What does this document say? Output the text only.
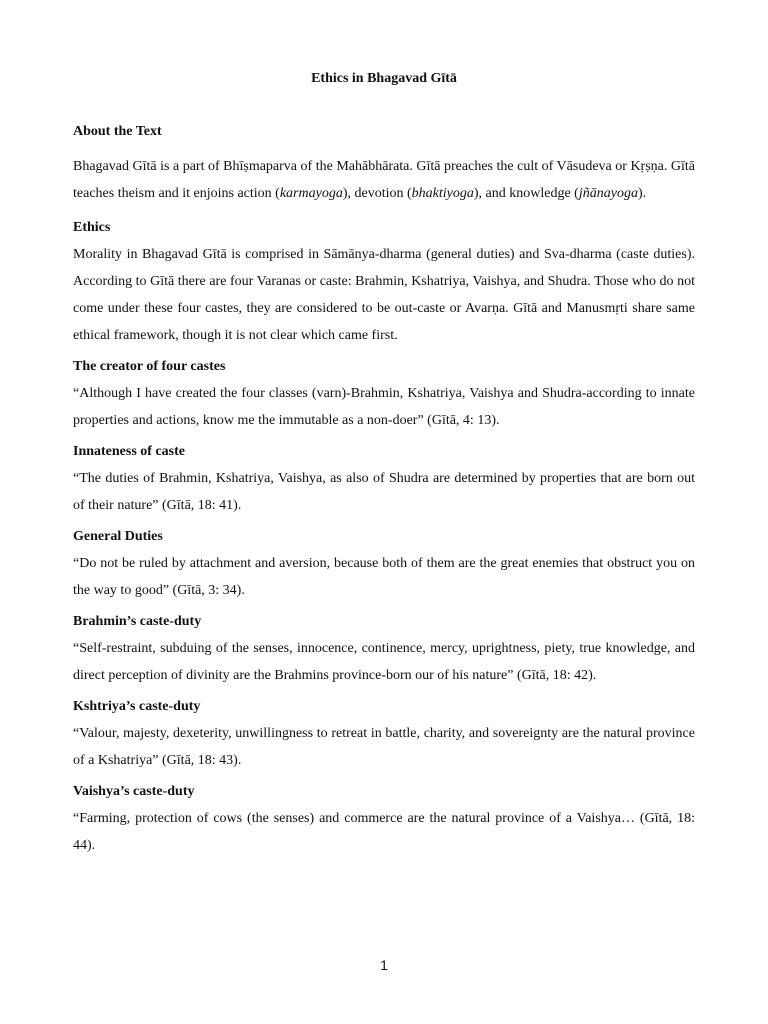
Ethics in Bhagavad Gītā

About the Text

Bhagavad Gītā is a part of Bhīṣmaparva of the Mahābhārata. Gītā preaches the cult of Vāsudeva or Kṛṣṇa. Gītā teaches theism and it enjoins action (karmayoga), devotion (bhaktiyoga), and knowledge (jñānayoga).

Ethics

Morality in Bhagavad Gītā is comprised in Sāmānya-dharma (general duties) and Sva-dharma (caste duties). According to Gītā there are four Varanas or caste: Brahmin, Kshatriya, Vaishya, and Shudra. Those who do not come under these four castes, they are considered to be out-caste or Avarṇa. Gītā and Manusmṛti share same ethical framework, though it is not clear which came first.

The creator of four castes

“Although I have created the four classes (varn)-Brahmin, Kshatriya, Vaishya and Shudra-according to innate properties and actions, know me the immutable as a non-doer” (Gītā, 4: 13).

Innateness of caste

“The duties of Brahmin, Kshatriya, Vaishya, as also of Shudra are determined by properties that are born out of their nature” (Gītā, 18: 41).

General Duties

“Do not be ruled by attachment and aversion, because both of them are the great enemies that obstruct you on the way to good” (Gītā, 3: 34).

Brahmin’s caste-duty

“Self-restraint, subduing of the senses, innocence, continence, mercy, uprightness, piety, true knowledge, and direct perception of divinity are the Brahmins province-born our of his nature” (Gītā, 18: 42).

Kshtriya’s caste-duty

“Valour, majesty, dexeterity, unwillingness to retreat in battle, charity, and sovereignty are the natural province of a Kshatriya” (Gītā, 18: 43).

Vaishya’s caste-duty

“Farming, protection of cows (the senses) and commerce are the natural province of a Vaishya… (Gītā, 18: 44).

1
